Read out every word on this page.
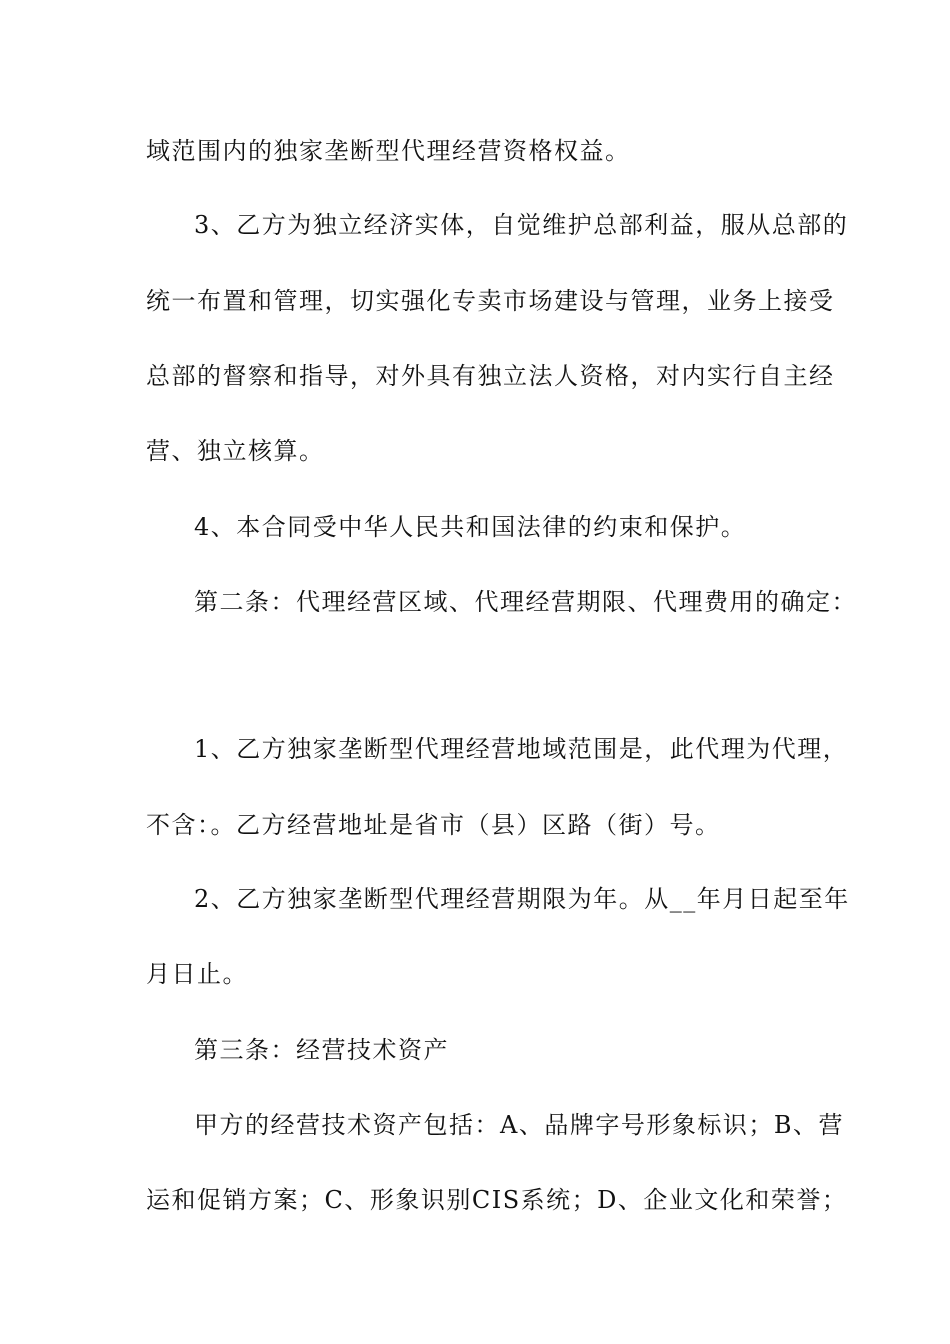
域范围内的独家垄断型代理经营资格权益。
3、乙方为独立经济实体，自觉维护总部利益，服从总部的
统一布置和管理，切实强化专卖市场建设与管理，业务上接受
总部的督察和指导，对外具有独立法人资格，对内实行自主经
营、独立核算。
4、本合同受中华人民共和国法律的约束和保护。
第二条：代理经营区域、代理经营期限、代理费用的确定：
1、乙方独家垄断型代理经营地域范围是，此代理为代理，
不含：。乙方经营地址是省市（县）区路（街）号。
2、乙方独家垄断型代理经营期限为年。从__年月日起至年
月日止。
第三条：经营技术资产
甲方的经营技术资产包括：A、品牌字号形象标识；B、营
运和促销方案；C、形象识别CIS系统；D、企业文化和荣誉；
